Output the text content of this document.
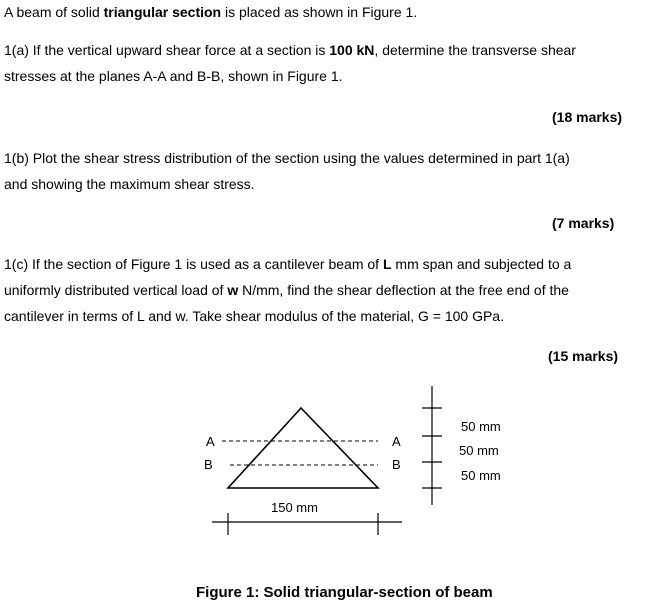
A beam of solid triangular section is placed as shown in Figure 1.
1(a) If the vertical upward shear force at a section is 100 kN, determine the transverse shear
stresses at the planes A-A and B-B, shown in Figure 1.
(18 marks)
1(b) Plot the shear stress distribution of the section using the values determined in part 1(a)
and showing the maximum shear stress.
(7 marks)
1(c) If the section of Figure 1 is used as a cantilever beam of L mm span and subjected to a
uniformly distributed vertical load of w N/mm, find the shear deflection at the free end of the
cantilever in terms of L and w. Take shear modulus of the material, G = 100 GPa.
(15 marks)
A
B
A
B
50 mm
50 mm
50 mm
150 mm
Figure 1: Solid triangular-section of beam
